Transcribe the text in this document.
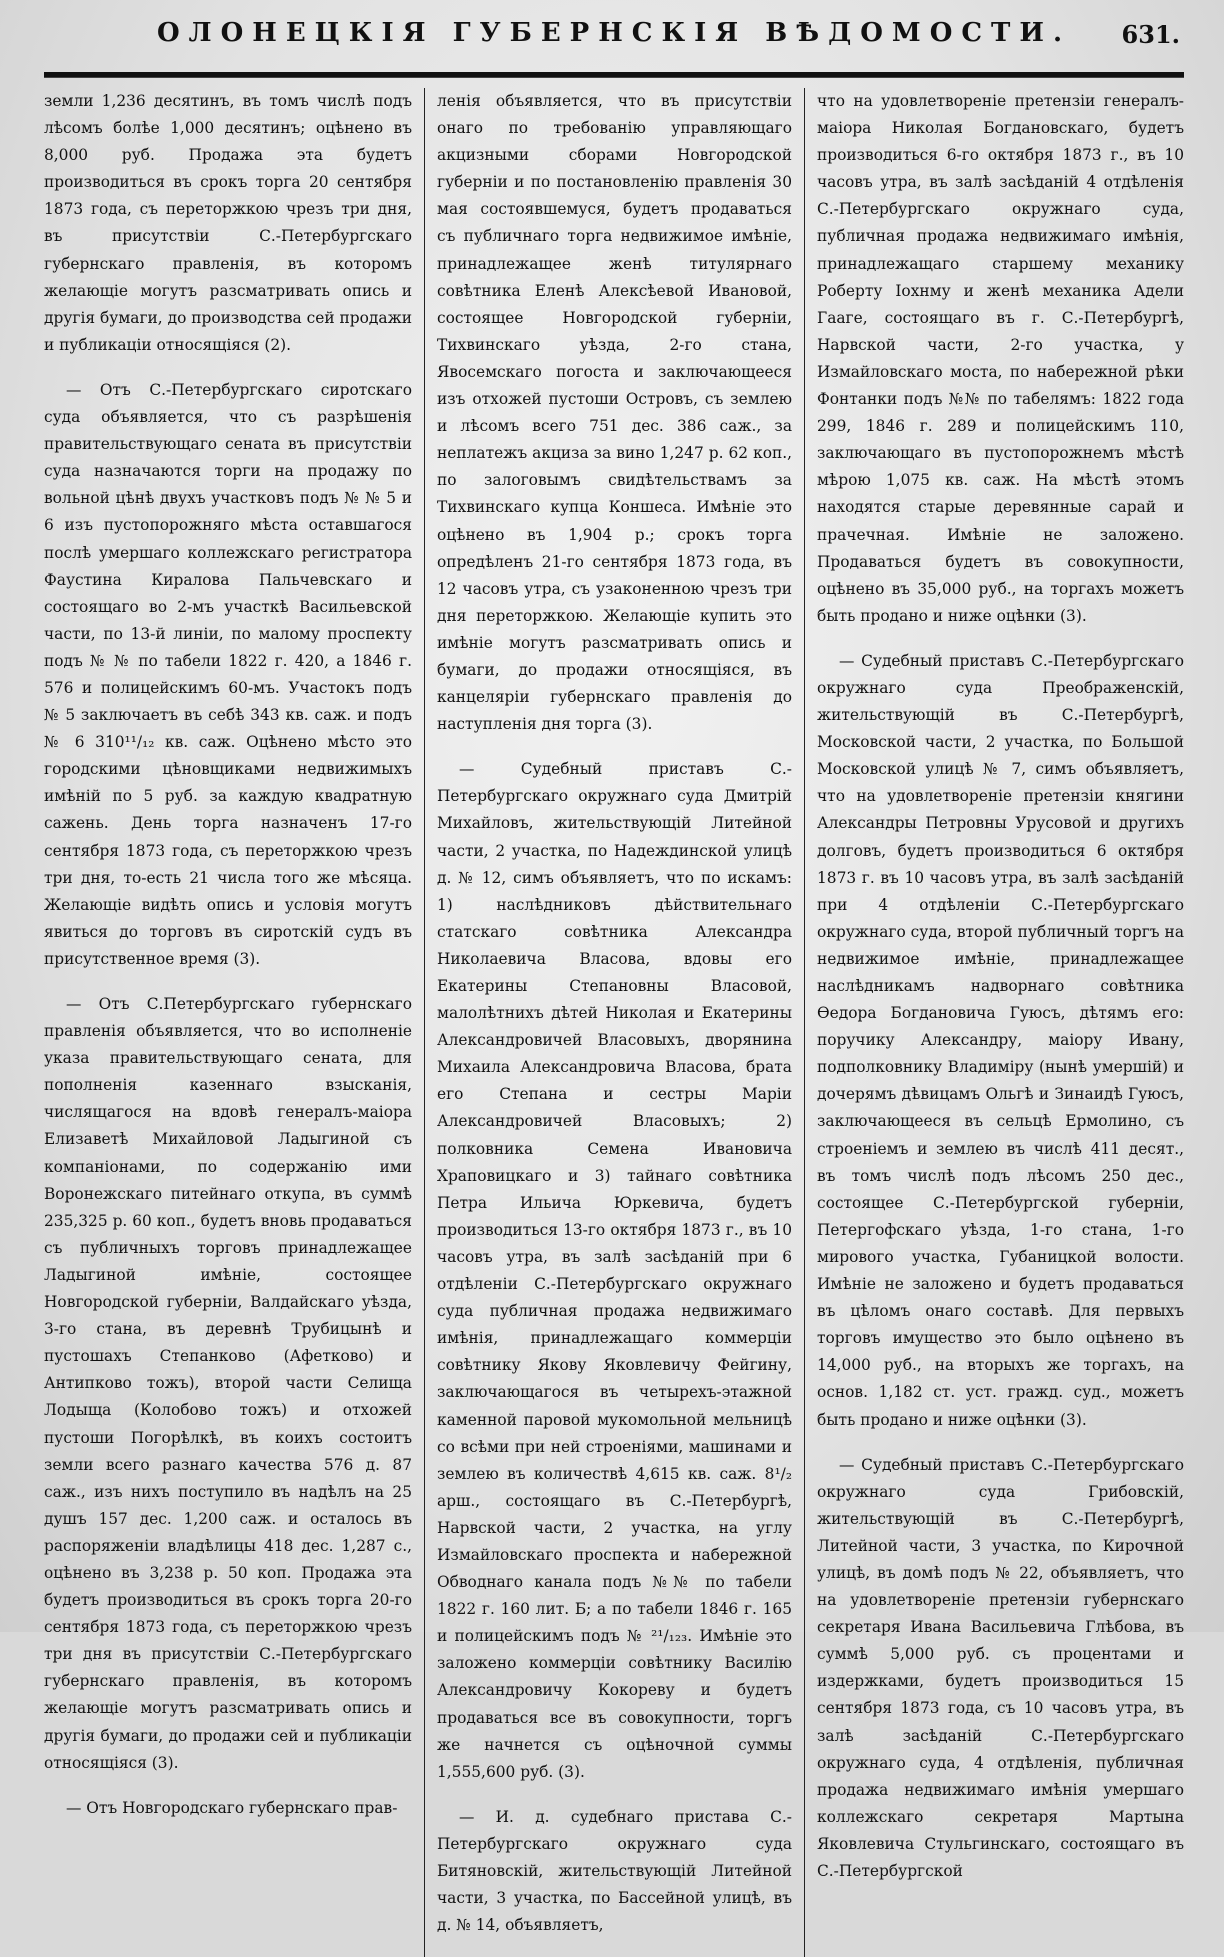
ОЛОНЕЦКІЯ ГУБЕРНСКІЯ ВѢДОМОСТИ. 631.

земли 1,236 десятинъ, въ томъ числѣ подъ лѣсомъ болѣе 1,000 десятинъ; оцѣнено въ 8,000 руб. Продажа эта будетъ производиться въ срокъ торга 20 сентября 1873 года, съ переторжкою чрезъ три дня, въ присутствіи С.-Петербургскаго губернскаго правленія, въ которомъ желающіе могутъ разсматривать опись и другія бумаги, до производства сей продажи и публикаціи относящіяся (2).

— Отъ С.-Петербургскаго сиротскаго суда объявляется, что съ разрѣшенія правительствующаго сената въ присутствіи суда назначаются торги на продажу по вольной цѣнѣ двухъ участковъ подъ № № 5 и 6 изъ пустопорожняго мѣста оставшагося послѣ умершаго коллежскаго регистратора Фаустина Киралова Пальчевскаго и состоящаго во 2-мъ участкѣ Васильевской части, по 13-й линіи, по малому проспекту подъ № № по табели 1822 г. 420, а 1846 г. 576 и полицейскимъ 60-мъ. Участокъ подъ № 5 заключаетъ въ себѣ 343 кв. саж. и подъ № 6 310¹¹/₁₂ кв. саж. Оцѣнено мѣсто это городскими цѣновщиками недвижимыхъ имѣній по 5 руб. за каждую квадратную сажень. День торга назначенъ 17-го сентября 1873 года, съ переторжкою чрезъ три дня, то-есть 21 числа того же мѣсяца. Желающіе видѣть опись и условія могутъ явиться до торговъ въ сиротскій судъ въ присутственное время (3).

— Отъ С.Петербургскаго губернскаго правленія объявляется, что во исполненіе указа правительствующаго сената, для пополненія казеннаго взысканія, числящагося на вдовѣ генералъ-маіора Елизаветѣ Михайловой Ладыгиной съ компаніонами, по содержанію ими Воронежскаго питейнаго откупа, въ суммѣ 235,325 р. 60 коп., будетъ вновь продаваться съ публичныхъ торговъ принадлежащее Ладыгиной имѣніе, состоящее Новгородской губерніи, Валдайскаго уѣзда, 3-го стана, въ деревнѣ Трубицынѣ и пустошахъ Степанково (Афетково) и Антипково тожъ), второй части Селища Лодыща (Колобово тожъ) и отхожей пустоши Погорѣлкѣ, въ коихъ состоитъ земли всего разнаго качества 576 д. 87 саж., изъ нихъ поступило въ надѣлъ на 25 душъ 157 дес. 1,200 саж. и осталось въ распоряженіи владѣлицы 418 дес. 1,287 с., оцѣнено въ 3,238 р. 50 коп. Продажа эта будетъ производиться въ срокъ торга 20-го сентября 1873 года, съ переторжкою чрезъ три дня въ присутствіи С.-Петербургскаго губернскаго правленія, въ которомъ желающіе могутъ разсматривать опись и другія бумаги, до продажи сей и публикаціи относящіяся (3).

— Отъ Новгородскаго губернскаго прав-

ленія объявляется, что въ присутствіи онаго по требованію управляющаго акцизными сборами Новгородской губерніи и по постановленію правленія 30 мая состоявшемуся, будетъ продаваться съ публичнаго торга недвижимое имѣніе, принадлежащее женѣ титулярнаго совѣтника Еленѣ Алексѣевой Ивановой, состоящее Новгородской губерніи, Тихвинскаго уѣзда, 2-го стана, Явосемскаго погоста и заключающееся изъ отхожей пустоши Островъ, съ землею и лѣсомъ всего 751 дес. 386 саж., за неплатежъ акциза за вино 1,247 р. 62 коп., по залоговымъ свидѣтельствамъ за Тихвинскаго купца Коншеса. Имѣніе это оцѣнено въ 1,904 р.; срокъ торга опредѣленъ 21-го сентября 1873 года, въ 12 часовъ утра, съ узаконенною чрезъ три дня переторжкою. Желающіе купить это имѣніе могутъ разсматривать опись и бумаги, до продажи относящіяся, въ канцеляріи губернскаго правленія до наступленія дня торга (3).

— Судебный приставъ С.-Петербургскаго окружнаго суда Дмитрій Михайловъ, жительствующій Литейной части, 2 участка, по Надеждинской улицѣ д. № 12, симъ объявляетъ, что по искамъ: 1) наслѣдниковъ дѣйствительнаго статскаго совѣтника Александра Николаевича Власова, вдовы его Екатерины Степановны Власовой, малолѣтнихъ дѣтей Николая и Екатерины Александровичей Власовыхъ, дворянина Михаила Александровича Власова, брата его Степана и сестры Маріи Александровичей Власовыхъ; 2) полковника Семена Ивановича Храповицкаго и 3) тайнаго совѣтника Петра Ильича Юркевича, будетъ производиться 13-го октября 1873 г., въ 10 часовъ утра, въ залѣ засѣданій при 6 отдѣленіи С.-Петербургскаго окружнаго суда публичная продажа недвижимаго имѣнія, принадлежащаго коммерціи совѣтнику Якову Яковлевичу Фейгину, заключающагося въ четырехъ-этажной каменной паровой мукомольной мельницѣ со всѣми при ней строеніями, машинами и землею въ количествѣ 4,615 кв. саж. 8¹/₂ арш., состоящаго въ С.-Петербургѣ, Нарвской части, 2 участка, на углу Измайловскаго проспекта и набережной Обводнаго канала подъ №№ по табели 1822 г. 160 лит. Б; а по табели 1846 г. 165 и полицейскимъ подъ № ²¹/₁₂₃. Имѣніе это заложено коммерціи совѣтнику Василію Александровичу Кокореву и будетъ продаваться все въ совокупности, торгъ же начнется съ оцѣночной суммы 1,555,600 руб. (3).

— И. д. судебнаго пристава С.-Петербургскаго окружнаго суда Битяновскій, жительствующій Литейной части, 3 участка, по Бассейной улицѣ, въ д. № 14, объявляетъ,

что на удовлетвореніе претензіи генералъ-маіора Николая Богдановскаго, будетъ производиться 6-го октября 1873 г., въ 10 часовъ утра, въ залѣ засѣданій 4 отдѣленія С.-Петербургскаго окружнаго суда, публичная продажа недвижимаго имѣнія, принадлежащаго старшему механику Роберту Іохнму и женѣ механика Адели Гааге, состоящаго въ г. С.-Петербургѣ, Нарвской части, 2-го участка, у Измайловскаго моста, по набережной рѣки Фонтанки подъ №№ по табелямъ: 1822 года 299, 1846 г. 289 и полицейскимъ 110, заключающаго въ пустопорожнемъ мѣстѣ мѣрою 1,075 кв. саж. На мѣстѣ этомъ находятся старые деревянные сарай и прачечная. Имѣніе не заложено. Продаваться будетъ въ совокупности, оцѣнено въ 35,000 руб., на торгахъ можетъ быть продано и ниже оцѣнки (3).

— Судебный приставъ С.-Петербургскаго окружнаго суда Преображенскій, жительствующій въ С.-Петербургѣ, Московской части, 2 участка, по Большой Московской улицѣ № 7, симъ объявляетъ, что на удовлетвореніе претензіи княгини Александры Петровны Урусовой и другихъ долговъ, будетъ производиться 6 октября 1873 г. въ 10 часовъ утра, въ залѣ засѣданій при 4 отдѣленіи С.-Петербургскаго окружнаго суда, второй публичный торгъ на недвижимое имѣніе, принадлежащее наслѣдникамъ надворнаго совѣтника Ѳедора Богдановича Гуюсъ, дѣтямъ его: поручику Александру, маіору Ивану, подполковнику Владиміру (нынѣ умершій) и дочерямъ дѣвицамъ Ольгѣ и Зинаидѣ Гуюсъ, заключающееся въ сельцѣ Ермолино, съ строеніемъ и землею въ числѣ 411 десят., въ томъ числѣ подъ лѣсомъ 250 дес., состоящее С.-Петербургской губерніи, Петергофскаго уѣзда, 1-го стана, 1-го мирового участка, Губаницкой волости. Имѣніе не заложено и будетъ продаваться въ цѣломъ онаго составѣ. Для первыхъ торговъ имущество это было оцѣнено въ 14,000 руб., на вторыхъ же торгахъ, на основ. 1,182 ст. уст. гражд. суд., можетъ быть продано и ниже оцѣнки (3).

— Судебный приставъ С.-Петербургскаго окружнаго суда Грибовскій, жительствующій въ С.-Петербургѣ, Литейной части, 3 участка, по Кирочной улицѣ, въ домѣ подъ № 22, объявляетъ, что на удовлетвореніе претензіи губернскаго секретаря Ивана Васильевича Глѣбова, въ суммѣ 5,000 руб. съ процентами и издержками, будетъ производиться 15 сентября 1873 года, съ 10 часовъ утра, въ залѣ засѣданій С.-Петербургскаго окружнаго суда, 4 отдѣленія, публичная продажа недвижимаго имѣнія умершаго коллежскаго секретаря Мартына Яковлевича Стульгинскаго, состоящаго въ С.-Петербургской
